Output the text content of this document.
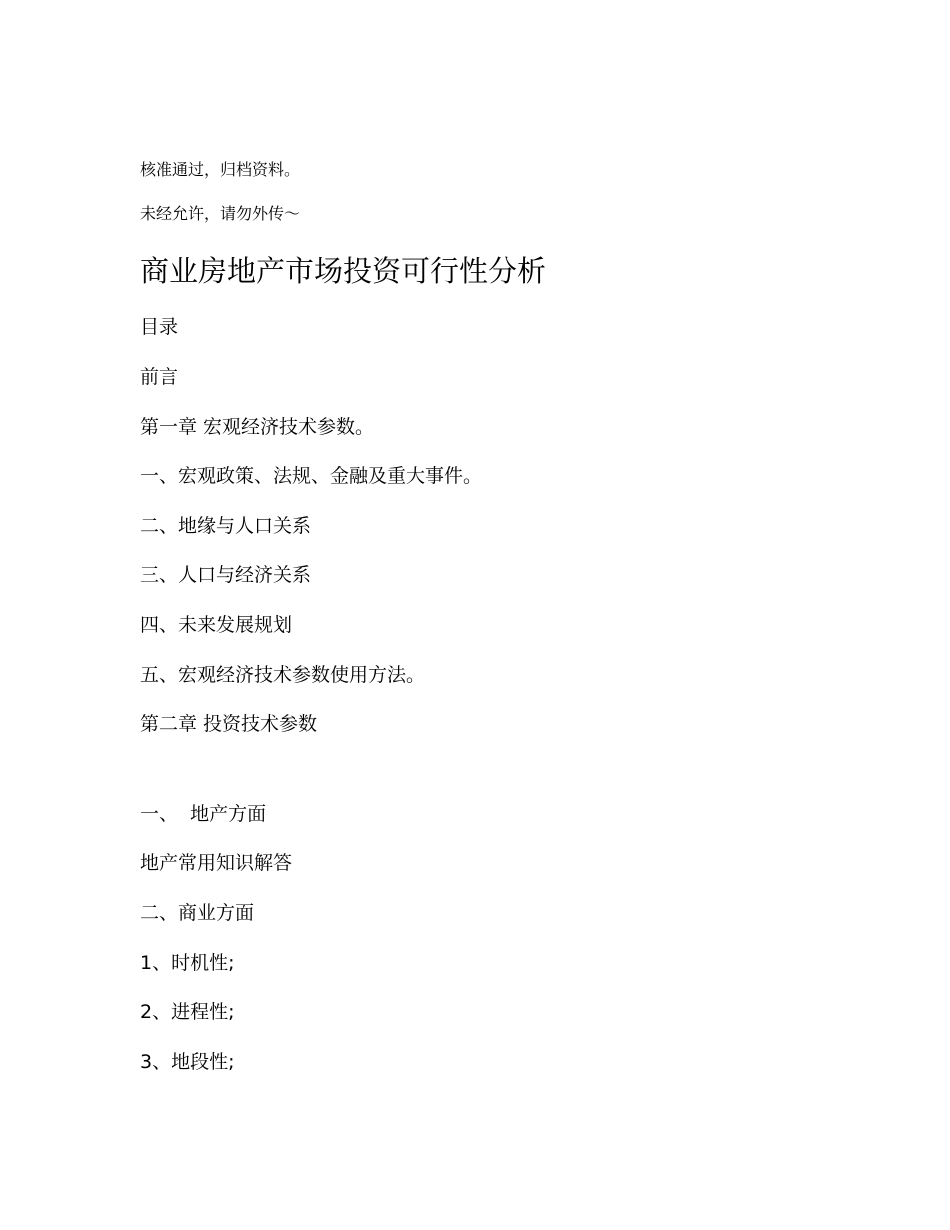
核准通过，归档资料。
未经允许，请勿外传～
商业房地产市场投资可行性分析
目录
前言
第一章 宏观经济技术参数。
一、宏观政策、法规、金融及重大事件。
二、地缘与人口关系
三、人口与经济关系
四、未来发展规划
五、宏观经济技术参数使用方法。
第二章 投资技术参数
一、  地产方面
地产常用知识解答
二、商业方面
1、时机性;
2、进程性;
3、地段性;
